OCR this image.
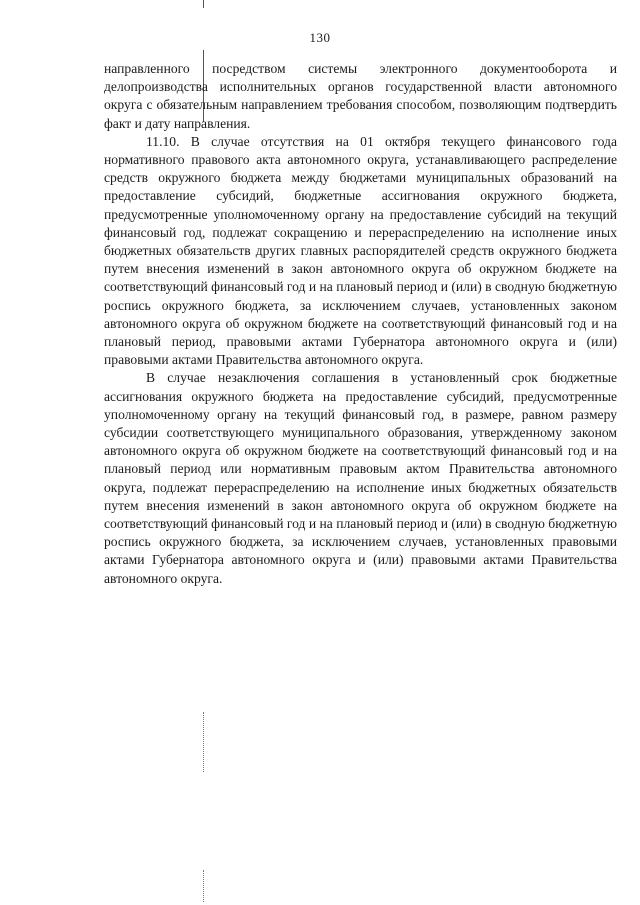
130

направленного посредством системы электронного документооборота и делопроизводства исполнительных органов государственной власти автономного округа с обязательным направлением требования способом, позволяющим подтвердить факт и дату направления.

11.10. В случае отсутствия на 01 октября текущего финансового года нормативного правового акта автономного округа, устанавливающего распределение средств окружного бюджета между бюджетами муниципальных образований на предоставление субсидий, бюджетные ассигнования окружного бюджета, предусмотренные уполномоченному органу на предоставление субсидий на текущий финансовый год, подлежат сокращению и перераспределению на исполнение иных бюджетных обязательств других главных распорядителей средств окружного бюджета путем внесения изменений в закон автономного округа об окружном бюджете на соответствующий финансовый год и на плановый период и (или) в сводную бюджетную роспись окружного бюджета, за исключением случаев, установленных законом автономного округа об окружном бюджете на соответствующий финансовый год и на плановый период, правовыми актами Губернатора автономного округа и (или) правовыми актами Правительства автономного округа.

В случае незаключения соглашения в установленный срок бюджетные ассигнования окружного бюджета на предоставление субсидий, предусмотренные уполномоченному органу на текущий финансовый год, в размере, равном размеру субсидии соответствующего муниципального образования, утвержденному законом автономного округа об окружном бюджете на соответствующий финансовый год и на плановый период или нормативным правовым актом Правительства автономного округа, подлежат перераспределению на исполнение иных бюджетных обязательств путем внесения изменений в закон автономного округа об окружном бюджете на соответствующий финансовый год и на плановый период и (или) в сводную бюджетную роспись окружного бюджета, за исключением случаев, установленных правовыми актами Губернатора автономного округа и (или) правовыми актами Правительства автономного округа.
